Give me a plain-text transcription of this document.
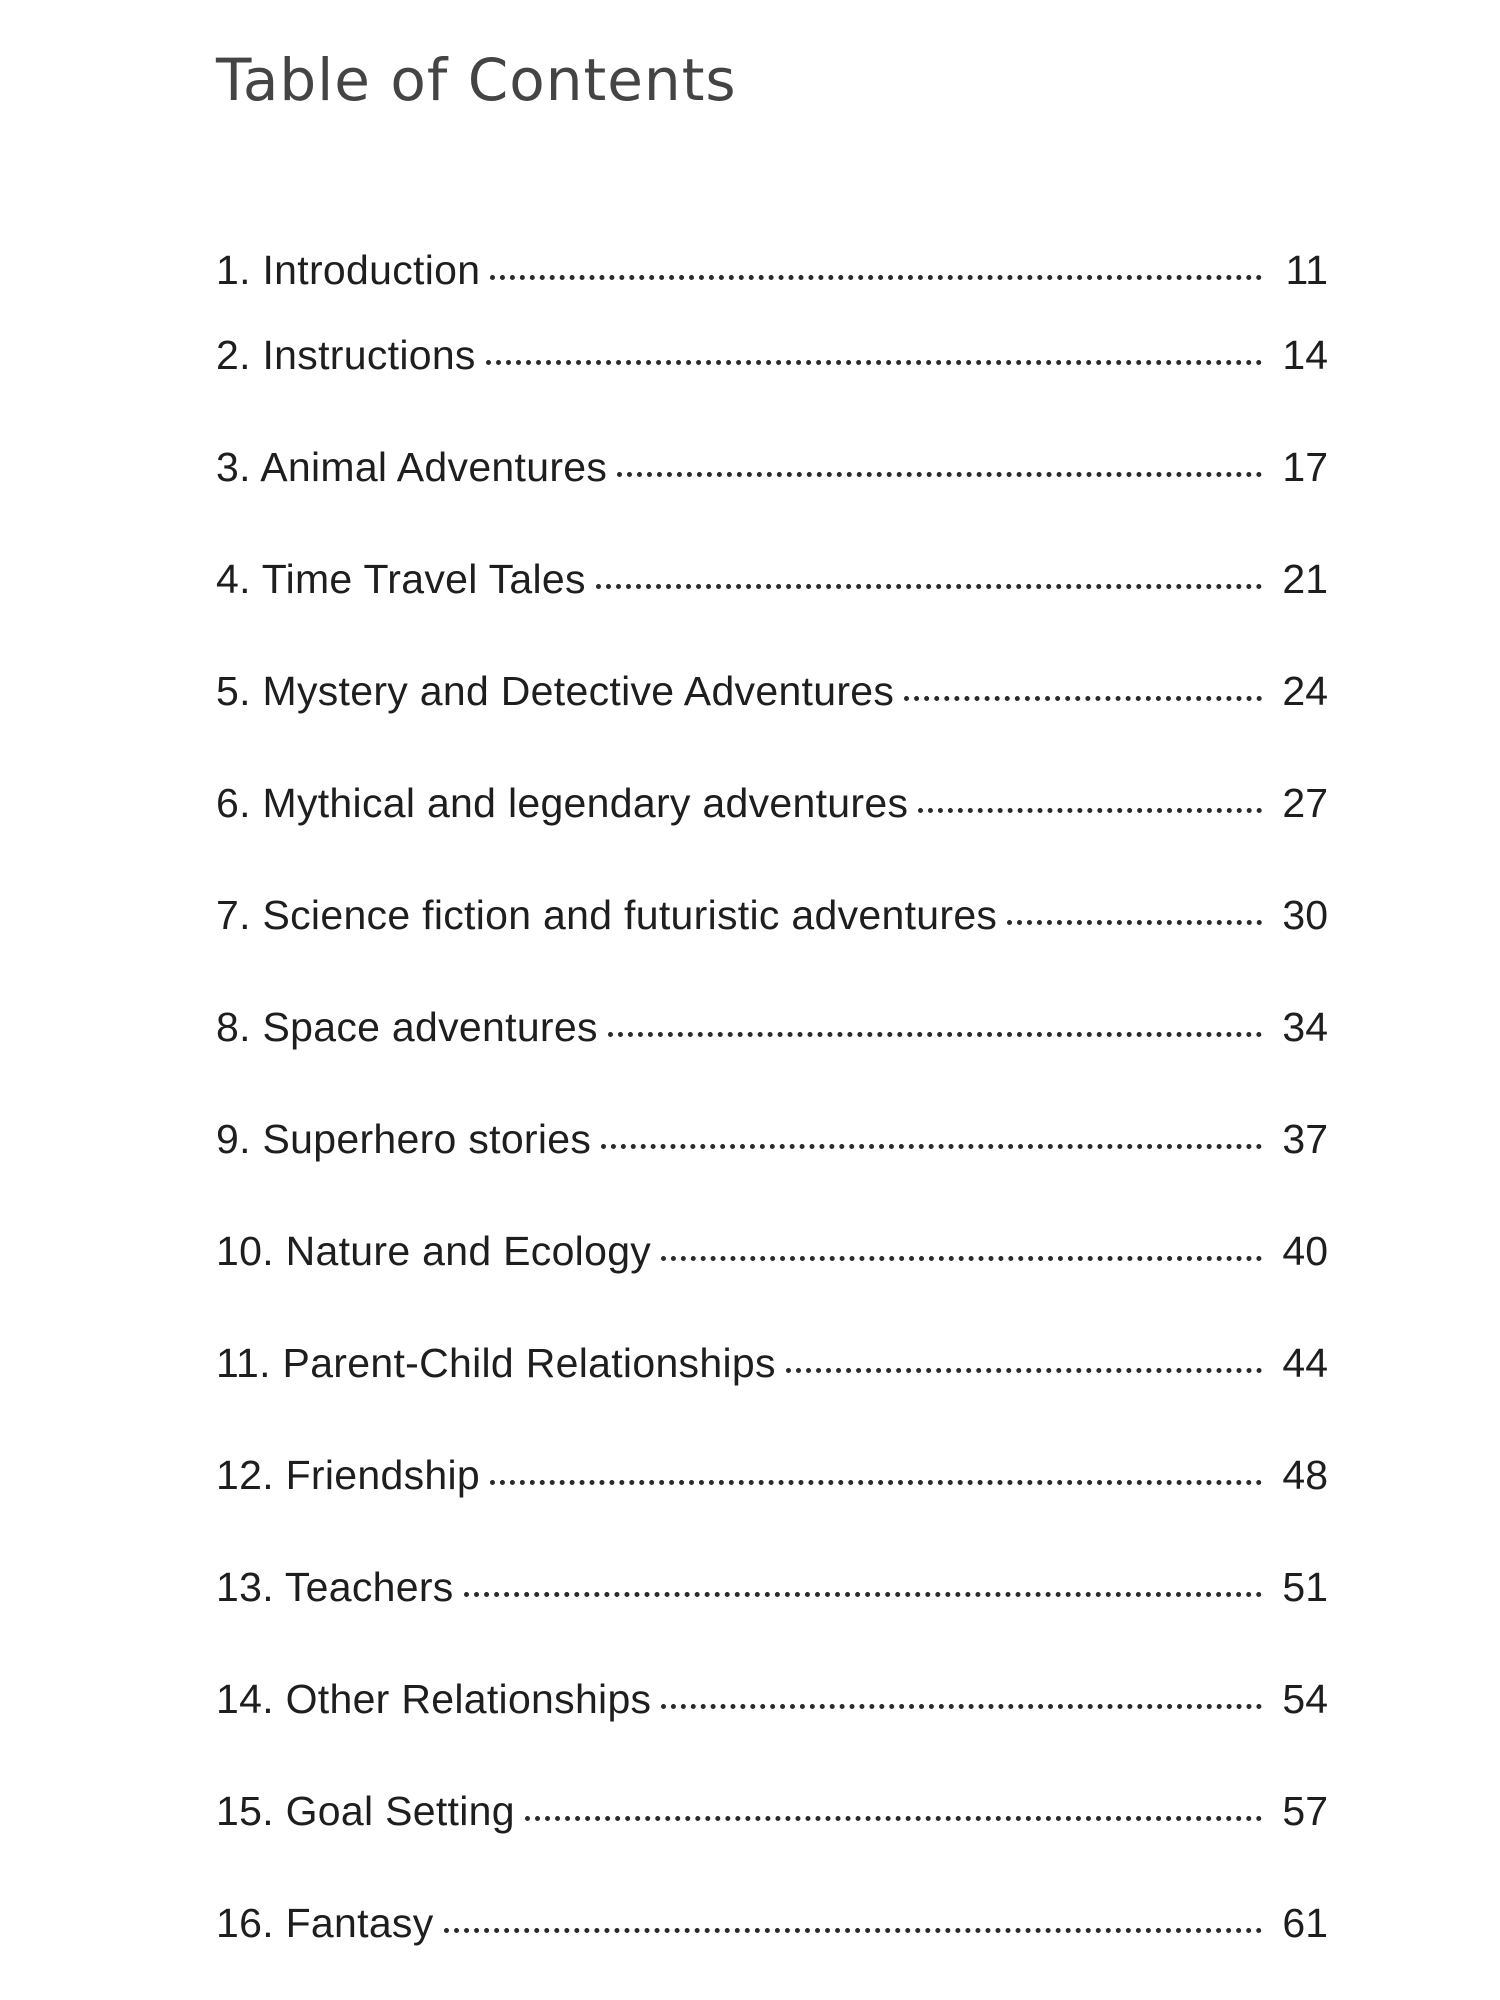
Table of Contents
1. Introduction	11
2. Instructions	14
3. Animal Adventures	17
4. Time Travel Tales	21
5. Mystery and Detective Adventures	24
6. Mythical and legendary adventures	27
7. Science fiction and futuristic adventures	30
8. Space adventures	34
9. Superhero stories	37
10. Nature and Ecology	40
11. Parent-Child Relationships	44
12. Friendship	48
13. Teachers	51
14. Other Relationships	54
15. Goal Setting	57
16. Fantasy	61
